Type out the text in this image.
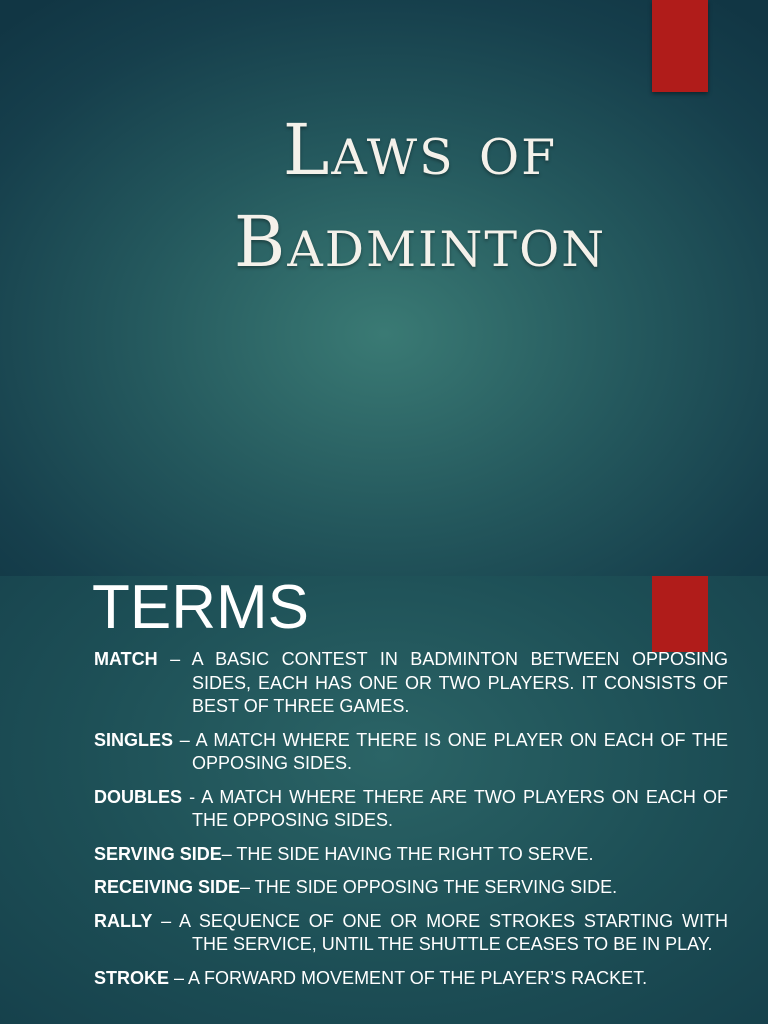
Laws of
Badminton
TERMS
MATCH – A BASIC CONTEST IN BADMINTON BETWEEN OPPOSING SIDES, EACH HAS ONE OR TWO PLAYERS. IT CONSISTS OF BEST OF THREE GAMES.
SINGLES – A MATCH WHERE THERE IS ONE PLAYER ON EACH OF THE OPPOSING SIDES.
DOUBLES - A MATCH WHERE THERE ARE TWO PLAYERS ON EACH OF THE OPPOSING SIDES.
SERVING SIDE– THE SIDE HAVING THE RIGHT TO SERVE.
RECEIVING SIDE– THE SIDE OPPOSING THE SERVING SIDE.
RALLY – A SEQUENCE OF ONE OR MORE STROKES STARTING WITH THE SERVICE, UNTIL THE SHUTTLE CEASES TO BE IN PLAY.
STROKE – A FORWARD MOVEMENT OF THE PLAYER’S RACKET.
